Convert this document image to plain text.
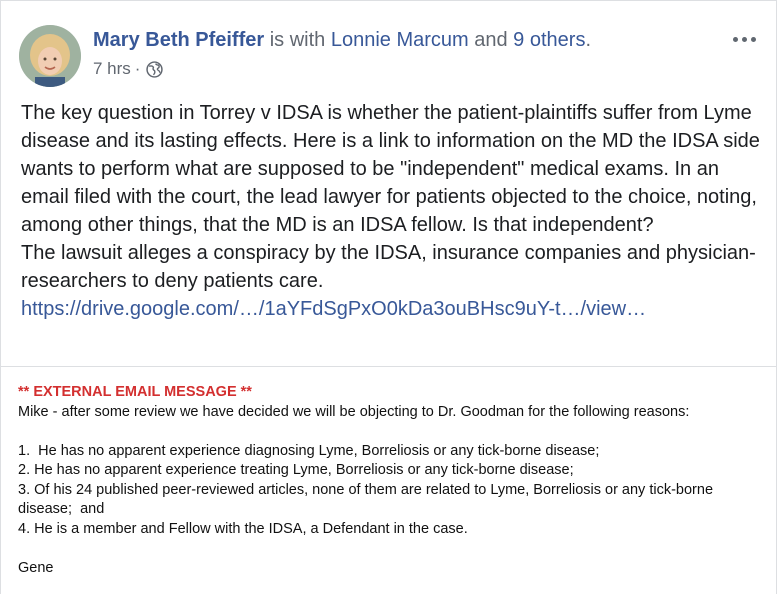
Mary Beth Pfeiffer is with Lonnie Marcum and 9 others.
7 hrs ·

The key question in Torrey v IDSA is whether the patient-plaintiffs suffer from Lyme disease and its lasting effects. Here is a link to information on the MD the IDSA side wants to perform what are supposed to be "independent" medical exams. In an email filed with the court, the lead lawyer for patients objected to the choice, noting, among other things, that the MD is an IDSA fellow. Is that independent?

The lawsuit alleges a conspiracy by the IDSA, insurance companies and physician-researchers to deny patients care.

https://drive.google.com/…/1aYFdSgPxO0kDa3ouBHsc9uY-t…/view…

** EXTERNAL EMAIL MESSAGE **
Mike - after some review we have decided we will be objecting to Dr. Goodman for the following reasons:
1.  He has no apparent experience diagnosing Lyme, Borreliosis or any tick-borne disease;
2. He has no apparent experience treating Lyme, Borreliosis or any tick-borne disease;
3. Of his 24 published peer-reviewed articles, none of them are related to Lyme, Borreliosis or any tick-borne disease;  and
4. He is a member and Fellow with the IDSA, a Defendant in the case.
Gene
